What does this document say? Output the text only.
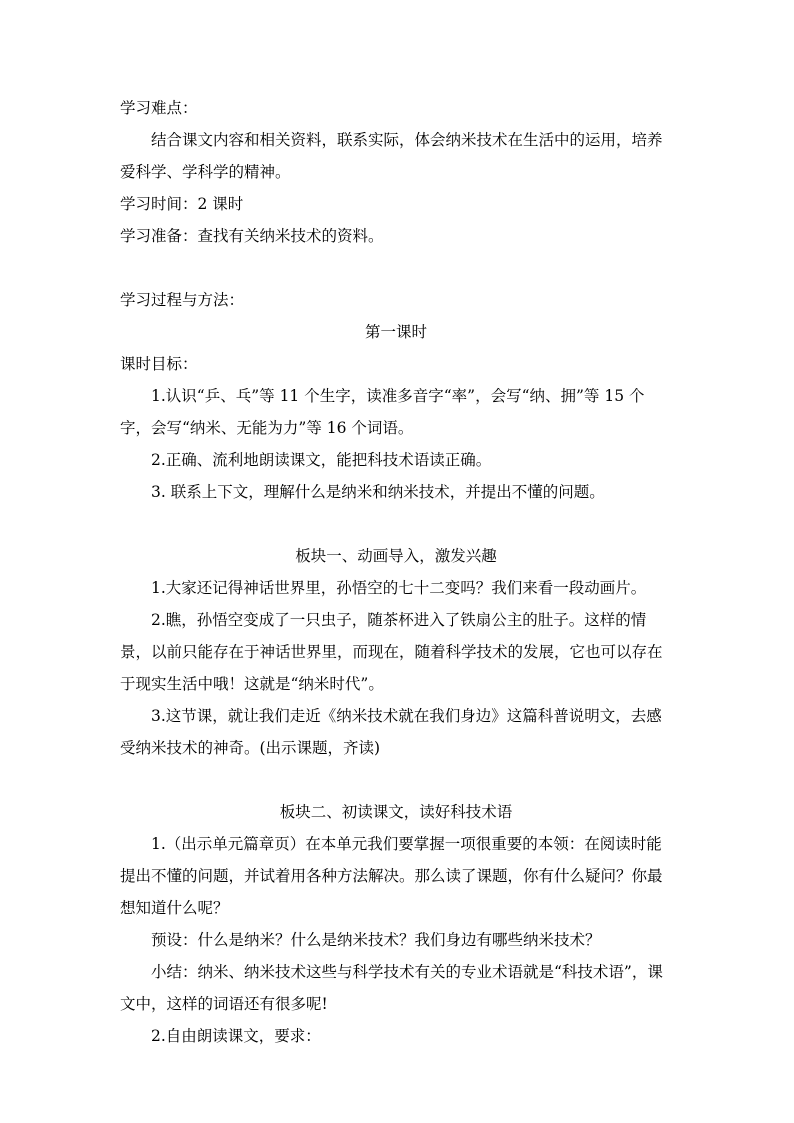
学习难点：

结合课文内容和相关资料，联系实际，体会纳米技术在生活中的运用，培养爱科学、学科学的精神。

学习时间：2 课时

学习准备：查找有关纳米技术的资料。

学习过程与方法：

第一课时

课时目标：

1.认识“乒、乓”等 11 个生字，读准多音字“率”，会写“纳、拥”等 15 个字，会写“纳米、无能为力”等 16 个词语。

2.正确、流利地朗读课文，能把科技术语读正确。

3. 联系上下文，理解什么是纳米和纳米技术，并提出不懂的问题。

板块一、动画导入，激发兴趣

1.大家还记得神话世界里，孙悟空的七十二变吗？我们来看一段动画片。

2.瞧，孙悟空变成了一只虫子，随茶杯进入了铁扇公主的肚子。这样的情景，以前只能存在于神话世界里，而现在，随着科学技术的发展，它也可以存在于现实生活中哦！这就是“纳米时代”。

3.这节课，就让我们走近《纳米技术就在我们身边》这篇科普说明文，去感受纳米技术的神奇。(出示课题，齐读)

板块二、初读课文，读好科技术语

1.（出示单元篇章页）在本单元我们要掌握一项很重要的本领：在阅读时能提出不懂的问题，并试着用各种方法解决。那么读了课题，你有什么疑问？你最想知道什么呢？

预设：什么是纳米？什么是纳米技术？我们身边有哪些纳米技术？

小结：纳米、纳米技术这些与科学技术有关的专业术语就是“科技术语”，课文中，这样的词语还有很多呢!

2.自由朗读课文，要求：
